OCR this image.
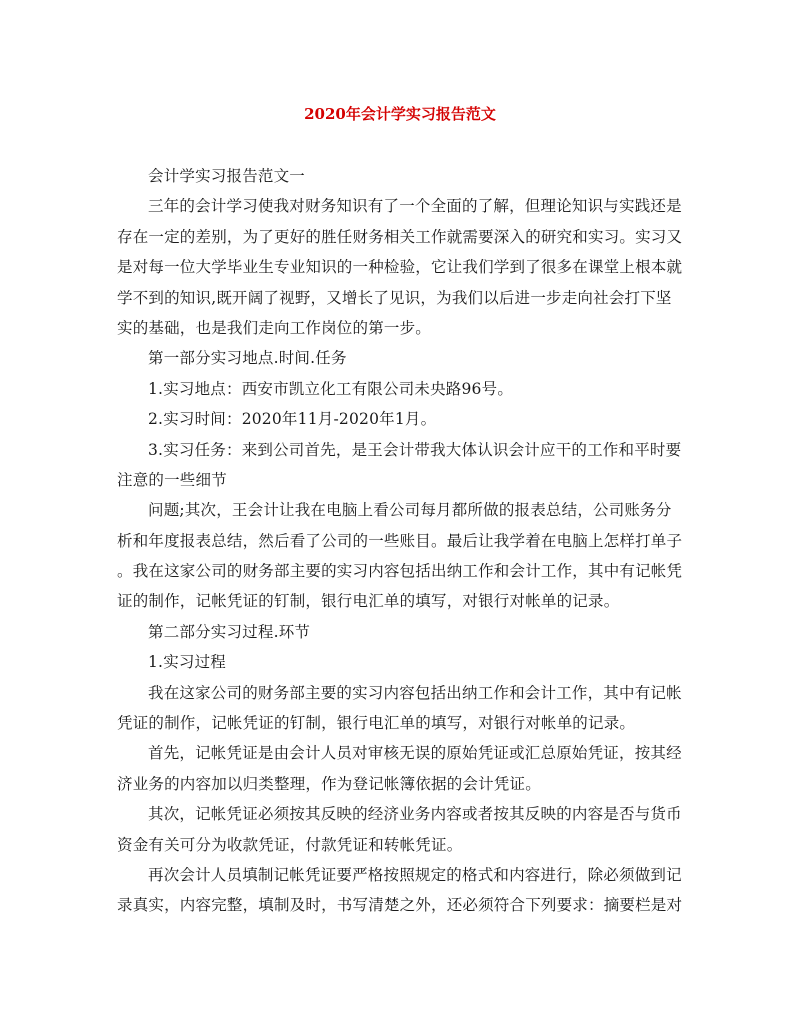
2020年会计学实习报告范文
会计学实习报告范文一
三年的会计学习使我对财务知识有了一个全面的了解，但理论知识与实践还是
存在一定的差别，为了更好的胜任财务相关工作就需要深入的研究和实习。实习又
是对每一位大学毕业生专业知识的一种检验，它让我们学到了很多在课堂上根本就
学不到的知识,既开阔了视野，又增长了见识，为我们以后进一步走向社会打下坚
实的基础，也是我们走向工作岗位的第一步。
第一部分实习地点.时间.任务
1.实习地点：西安市凯立化工有限公司未央路96号。
2.实习时间：2020年11月-2020年1月。
3.实习任务：来到公司首先，是王会计带我大体认识会计应干的工作和平时要
注意的一些细节
问题;其次，王会计让我在电脑上看公司每月都所做的报表总结，公司账务分
析和年度报表总结，然后看了公司的一些账目。最后让我学着在电脑上怎样打单子
。我在这家公司的财务部主要的实习内容包括出纳工作和会计工作，其中有记帐凭
证的制作，记帐凭证的钉制，银行电汇单的填写，对银行对帐单的记录。
第二部分实习过程.环节
1.实习过程
我在这家公司的财务部主要的实习内容包括出纳工作和会计工作，其中有记帐
凭证的制作，记帐凭证的钉制，银行电汇单的填写，对银行对帐单的记录。
首先，记帐凭证是由会计人员对审核无误的原始凭证或汇总原始凭证，按其经
济业务的内容加以归类整理，作为登记帐簿依据的会计凭证。
其次，记帐凭证必须按其反映的经济业务内容或者按其反映的内容是否与货币
资金有关可分为收款凭证，付款凭证和转帐凭证。
再次会计人员填制记帐凭证要严格按照规定的格式和内容进行，除必须做到记
录真实，内容完整，填制及时，书写清楚之外，还必须符合下列要求：摘要栏是对
